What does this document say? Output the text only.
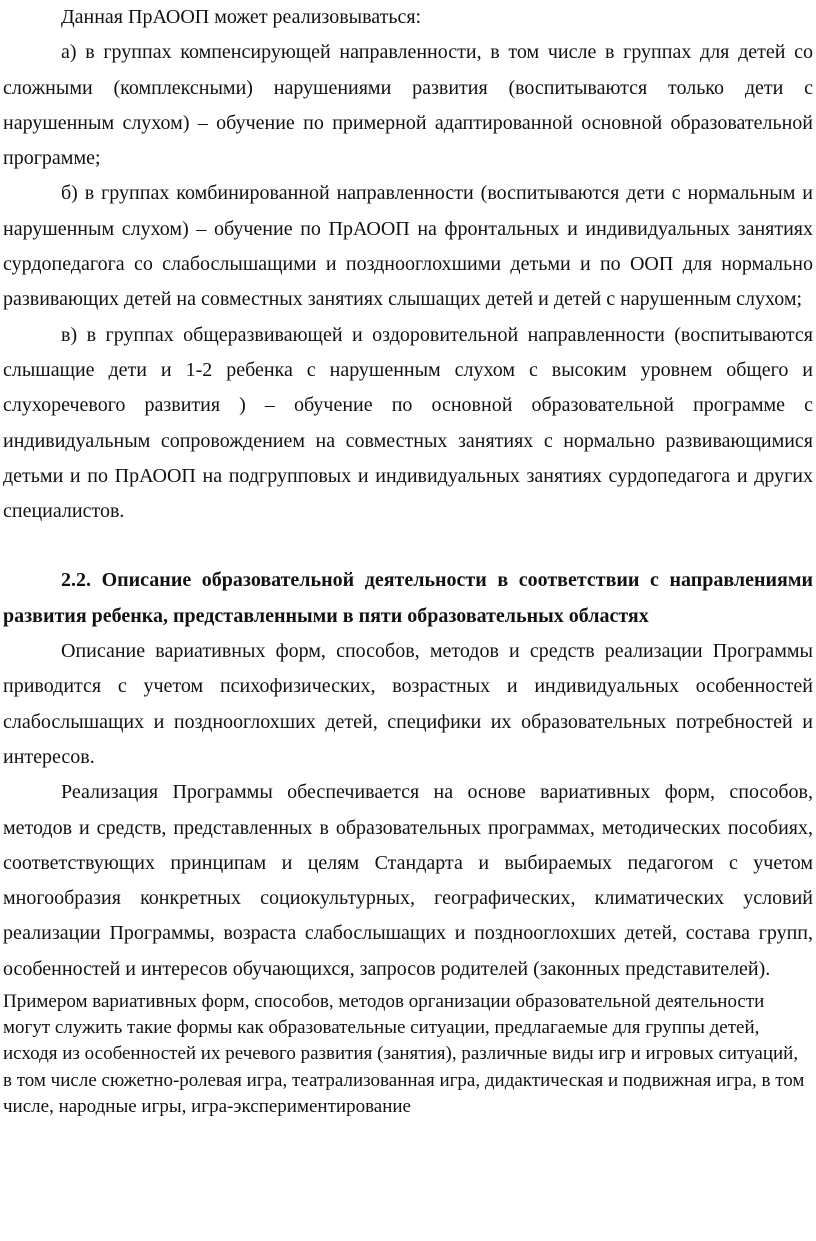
Данная ПрАООП может реализовываться:

а) в группах компенсирующей направленности, в том числе в группах для детей со сложными (комплексными) нарушениями развития (воспитываются только дети с нарушенным слухом) – обучение по примерной адаптированной основной образовательной программе;

б) в группах комбинированной направленности (воспитываются дети с нормальным и нарушенным слухом) – обучение по ПрАООП на фронтальных и индивидуальных занятиях сурдопедагога со слабослышащими и позднооглохшими детьми и по ООП для нормально развивающих детей на совместных занятиях слышащих детей и детей с нарушенным слухом;

в) в группах общеразвивающей и оздоровительной направленности (воспитываются слышащие дети и 1-2 ребенка с нарушенным слухом с высоким уровнем общего и слухоречевого развития ) – обучение по основной образовательной программе с индивидуальным сопровождением на совместных занятиях с нормально развивающимися детьми и по ПрАООП на подгрупповых и индивидуальных занятиях сурдопедагога и других специалистов.

2.2. Описание образовательной деятельности в соответствии с направлениями развития ребенка, представленными в пяти образовательных областях

Описание вариативных форм, способов, методов и средств реализации Программы приводится с учетом психофизических, возрастных и индивидуальных особенностей слабослышащих и позднооглохших детей, специфики их образовательных потребностей и интересов.

Реализация Программы обеспечивается на основе вариативных форм, способов, методов и средств, представленных в образовательных программах, методических пособиях, соответствующих принципам и целям Стандарта и выбираемых педагогом с учетом многообразия конкретных социокультурных, географических, климатических условий реализации Программы, возраста слабослышащих и позднооглохших детей, состава групп, особенностей и интересов обучающихся, запросов родителей (законных представителей).

Примером вариативных форм, способов, методов организации образовательной деятельности могут служить такие формы как образовательные ситуации, предлагаемые для группы детей, исходя из особенностей их речевого развития (занятия), различные виды игр и игровых ситуаций, в том числе сюжетно-ролевая игра, театрализованная игра, дидактическая и подвижная игра, в том числе, народные игры, игра-экспериментирование
